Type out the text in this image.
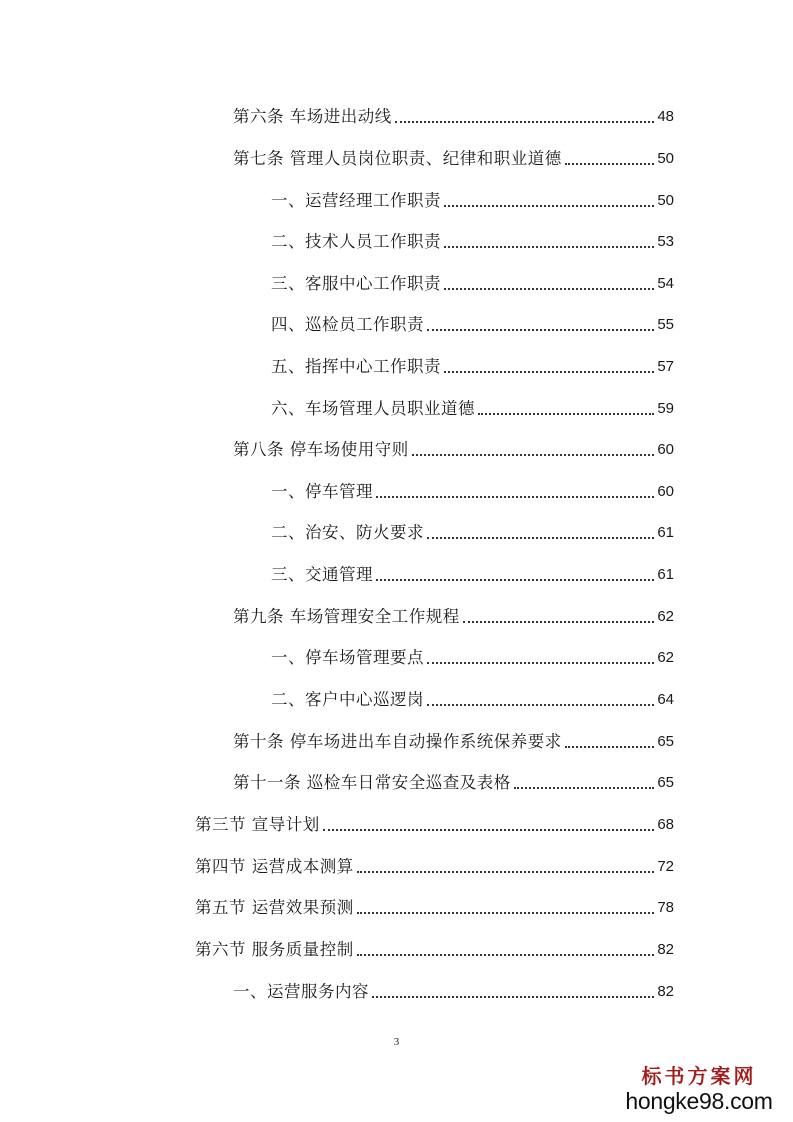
第六条 车场进出动线	48
第七条 管理人员岗位职责、纪律和职业道德	50
一、运营经理工作职责	50
二、技术人员工作职责	53
三、客服中心工作职责	54
四、巡检员工作职责	55
五、指挥中心工作职责	57
六、车场管理人员职业道德	59
第八条 停车场使用守则	60
一、停车管理	60
二、治安、防火要求	61
三、交通管理	61
第九条 车场管理安全工作规程	62
一、停车场管理要点	62
二、客户中心巡逻岗	64
第十条 停车场进出车自动操作系统保养要求	65
第十一条 巡检车日常安全巡查及表格	65
第三节 宣导计划	68
第四节 运营成本测算	72
第五节 运营效果预测	78
第六节 服务质量控制	82
一、运营服务内容	82
3
标书方案网
hongke98.com
